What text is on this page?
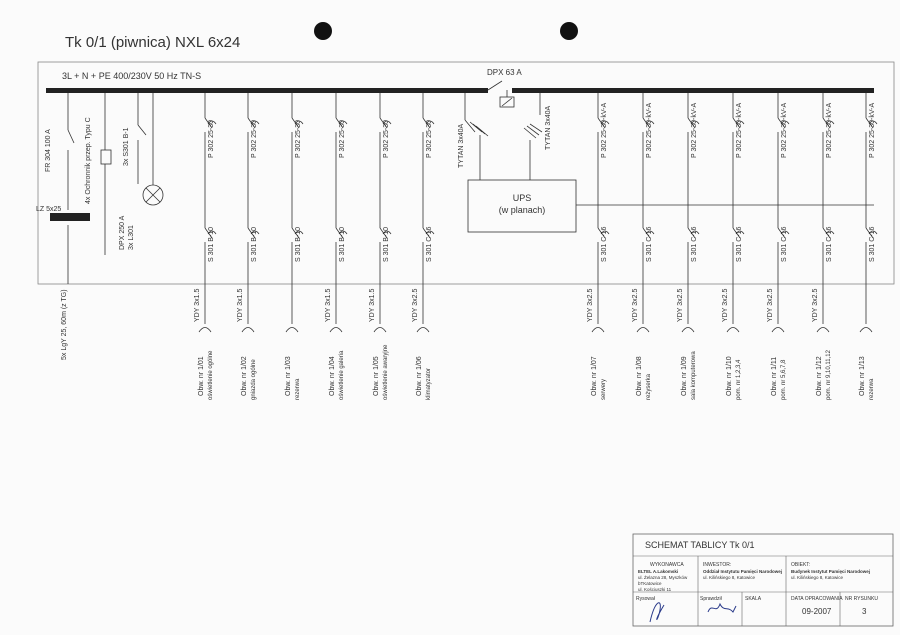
Tk 0/1 (piwnica) NXL 6x24
3L + N + PE 400/230V 50 Hz TN-S	DPX 63 A
FR 304 100 A	4x Ochronnik przep. Typu C	3x S301 B-1
DPX 250 A 3x L301
LZ 5x25
5x LgY 25, 60m (z TG)
TYTAN 3x40A	TYTAN 3x40A
UPS
(w planach)
P 302 25-30
S 301 B-10
YDY 3x1.5
Obw. nr 1/01 oświetlenie ogólne
P 302 25-30
S 301 B-10
YDY 3x1.5
Obw. nr 1/02 gniazda ogólne
P 302 25-30
S 301 B-10
Obw. nr 1/03 rezerwa
P 302 25-30
S 301 B-10
YDY 3x1.5
Obw. nr 1/04 oświetlenie galeria
P 302 25-30
S 301 B-10
YDY 3x1.5
Obw. nr 1/05 oświetlenie awaryjne
P 302 25-30
S 301 C-16
YDY 3x2.5
Obw. nr 1/06 klimatyzator
P 302 25-30-kV-A
S 301 C-16
YDY 3x2.5
Obw. nr 1/07 serwery
P 302 25-30-kV-A
S 301 C-16
YDY 3x2.5
Obw. nr 1/08 reżyserka
P 302 25-30-kV-A
S 301 C-16
YDY 3x2.5
Obw. nr 1/09 sala komputerowa
P 302 25-30-kV-A
S 301 C-16
YDY 3x2.5
Obw. nr 1/10 pom. nr 1,2,3,4
P 302 25-30-kV-A
S 301 C-16
YDY 3x2.5
Obw. nr 1/11 pom. nr 5,6,7,8
P 302 25-30-kV-A
S 301 C-16
YDY 3x2.5
Obw. nr 1/12 pom. nr 9,10,11,12
P 302 25-30-kV-A
S 301 C-16
Obw. nr 1/13 rezerwa
SCHEMAT TABLICY Tk 0/1
WYKONAWCA
ELTEL A.Lakomski
ul. Żelazna 28, Myszków
bTKatowice
ul. Kościuszki 11
INWESTOR:
Oddział Instytutu Pamięci Narodowej
ul. Kilińskiego 8, Katowice
OBIEKT:
Budynek Instytut Pamięci Narodowej
ul. Kilińskiego 8, Katowice
Rysował	Sprawdził	SKALA	DATA OPRACOWANIA NR RYSUNKU
09-2007	3
